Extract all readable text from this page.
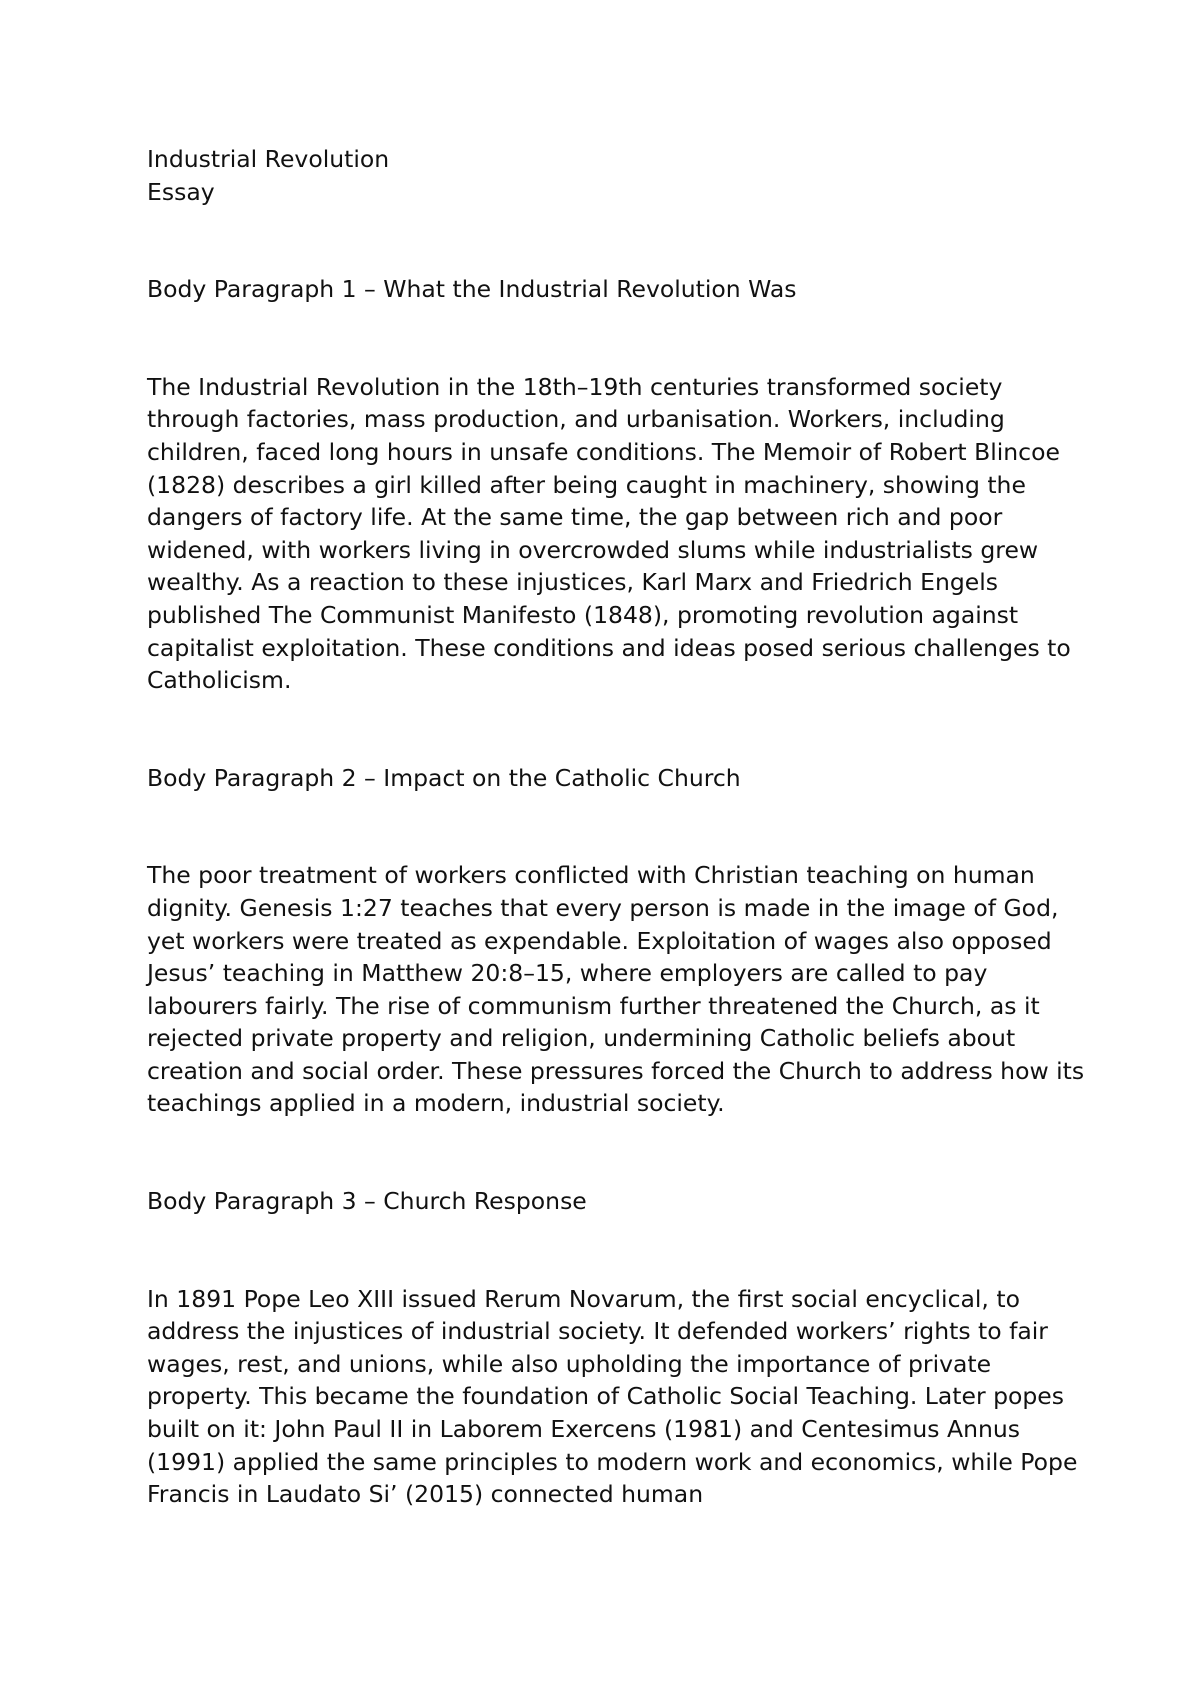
Industrial Revolution

Essay

Body Paragraph 1 – What the Industrial Revolution Was

The Industrial Revolution in the 18th–19th centuries transformed society through factories, mass production, and urbanisation. Workers, including children, faced long hours in unsafe conditions. The Memoir of Robert Blincoe (1828) describes a girl killed after being caught in machinery, showing the dangers of factory life. At the same time, the gap between rich and poor widened, with workers living in overcrowded slums while industrialists grew wealthy. As a reaction to these injustices, Karl Marx and Friedrich Engels published The Communist Manifesto (1848), promoting revolution against capitalist exploitation. These conditions and ideas posed serious challenges to Catholicism.

Body Paragraph 2 – Impact on the Catholic Church

The poor treatment of workers conflicted with Christian teaching on human dignity. Genesis 1:27 teaches that every person is made in the image of God, yet workers were treated as expendable. Exploitation of wages also opposed Jesus’ teaching in Matthew 20:8–15, where employers are called to pay labourers fairly. The rise of communism further threatened the Church, as it rejected private property and religion, undermining Catholic beliefs about creation and social order. These pressures forced the Church to address how its teachings applied in a modern, industrial society.

Body Paragraph 3 – Church Response

In 1891 Pope Leo XIII issued Rerum Novarum, the first social encyclical, to address the injustices of industrial society. It defended workers’ rights to fair wages, rest, and unions, while also upholding the importance of private property. This became the foundation of Catholic Social Teaching. Later popes built on it: John Paul II in Laborem Exercens (1981) and Centesimus Annus (1991) applied the same principles to modern work and economics, while Pope Francis in Laudato Si’ (2015) connected human
